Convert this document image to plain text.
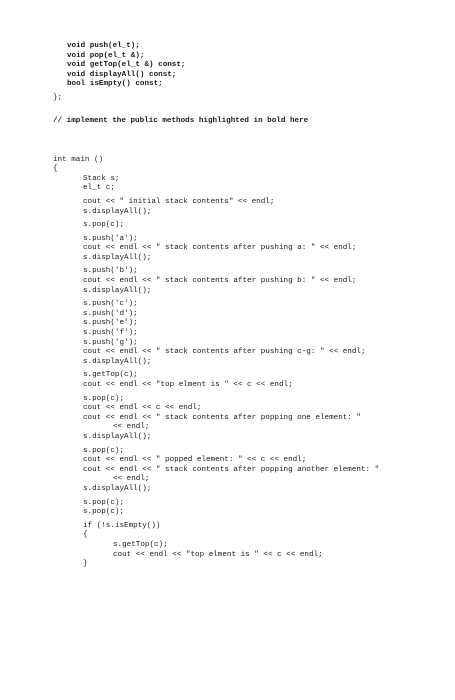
void push(el_t);
void pop(el_t &);
void getTop(el_t &) const;
void displayAll() const;
bool isEmpty() const;
};
// implement the public methods highlighted in bold here
int main ()
{
Stack s;
el_t c;
cout << " initial stack contents" << endl;
s.displayAll();
s.pop(c);
s.push('a');
cout << endl << " stack contents after pushing a: " << endl;
s.displayAll();
s.push('b');
cout << endl << " stack contents after pushing b: " << endl;
s.displayAll();
s.push('c');
s.push('d');
s.push('e');
s.push('f');
s.push('g');
cout << endl << " stack contents after pushing c-g: " << endl;
s.displayAll();
s.getTop(c);
cout << endl << "top elment is " << c << endl;
s.pop(c);
cout << endl << c << endl;
cout << endl << " stack contents after popping one element: "
<< endl;
s.displayAll();
s.pop(c);
cout << endl << " popped element: " << c << endl;
cout << endl << " stack contents after popping another element: "
<< endl;
s.displayAll();
s.pop(c);
s.pop(c);
if (!s.isEmpty())
{
s.getTop(c);
cout << endl << "top elment is " << c << endl;
}
